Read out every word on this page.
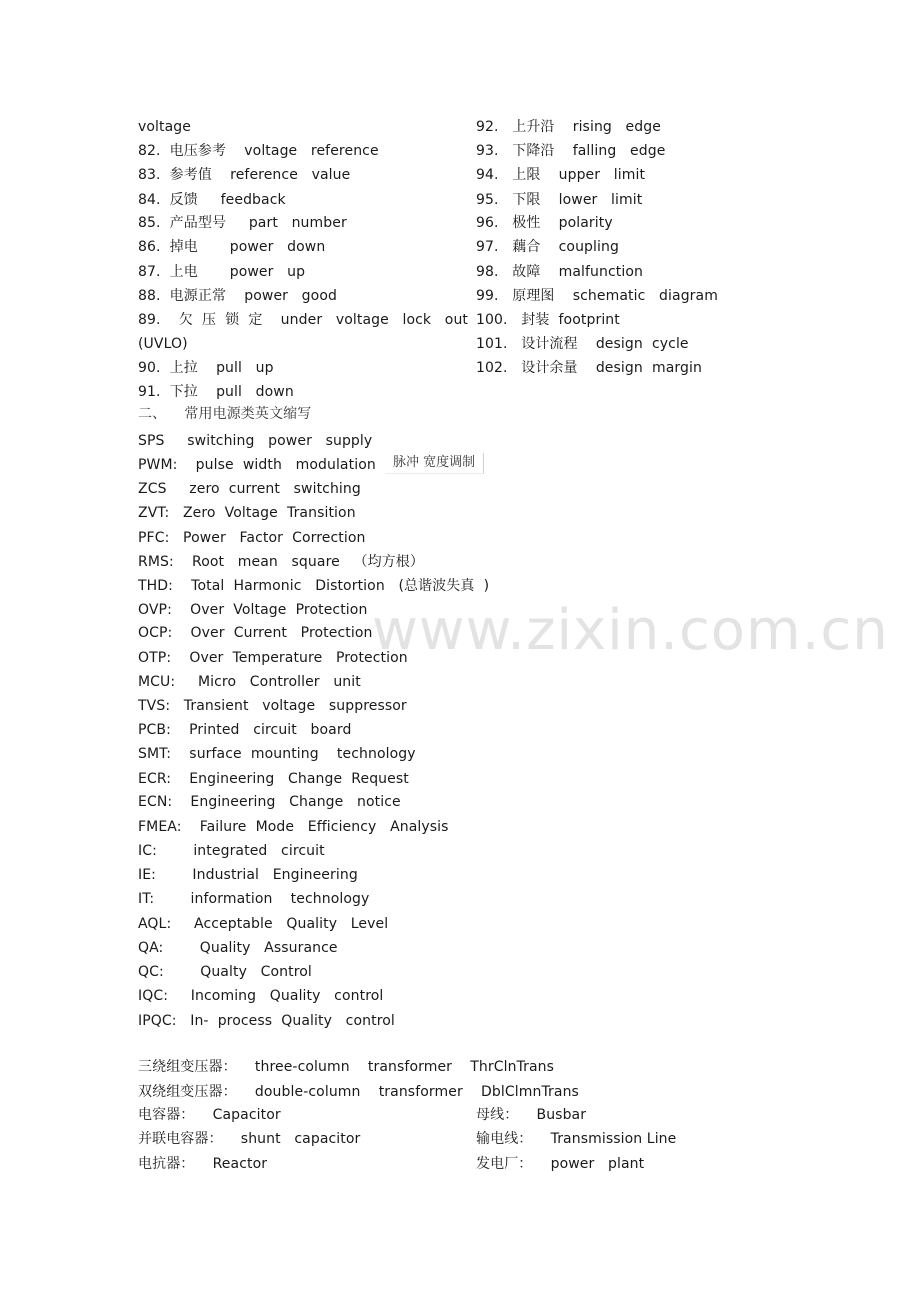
www.zixin.com.cn
voltage
82.  电压参考    voltage   reference
83.  参考值    reference   value
84.  反馈     feedback
85.  产品型号     part   number
86.  掉电       power   down
87.  上电       power   up
88.  电源正常    power   good
89.    欠  压  锁  定    under   voltage   lock   out
(UVLO)
90.  上拉    pull   up
91.  下拉    pull   down
92.   上升沿    rising   edge
93.   下降沿    falling   edge
94.   上限    upper   limit
95.   下限    lower   limit
96.   极性    polarity
97.   藕合    coupling
98.   故障    malfunction
99.   原理图    schematic   diagram
100.   封装  footprint
101.   设计流程    design  cycle
102.   设计余量    design  margin
二、    常用电源类英文缩写
SPS     switching   power   supply
PWM:    pulse  width   modulation	脉冲 宽度调制
ZCS     zero  current   switching
ZVT:   Zero  Voltage  Transition
PFC:   Power   Factor  Correction
RMS:    Root   mean   square   （均方根）
THD:    Total  Harmonic   Distortion   (总谐波失真  )
OVP:    Over  Voltage  Protection
OCP:    Over  Current   Protection
OTP:    Over  Temperature   Protection
MCU:     Micro   Controller   unit
TVS:   Transient   voltage   suppressor
PCB:    Printed   circuit   board
SMT:    surface  mounting    technology
ECR:    Engineering   Change  Request
ECN:    Engineering   Change   notice
FMEA:    Failure  Mode   Efficiency   Analysis
IC:        integrated   circuit
IE:        Industrial   Engineering
IT:        information    technology
AQL:     Acceptable   Quality   Level
QA:        Quality   Assurance
QC:        Qualty   Control
IQC:     Incoming   Quality   control
IPQC:   In-  process  Quality   control
三绕组变压器：    three-column    transformer    ThrClnTrans
双绕组变压器：    double-column    transformer    DblClmnTrans
电容器：    Capacitor
并联电容器：    shunt   capacitor
电抗器：    Reactor
母线：    Busbar
输电线：    Transmission Line
发电厂：    power   plant
